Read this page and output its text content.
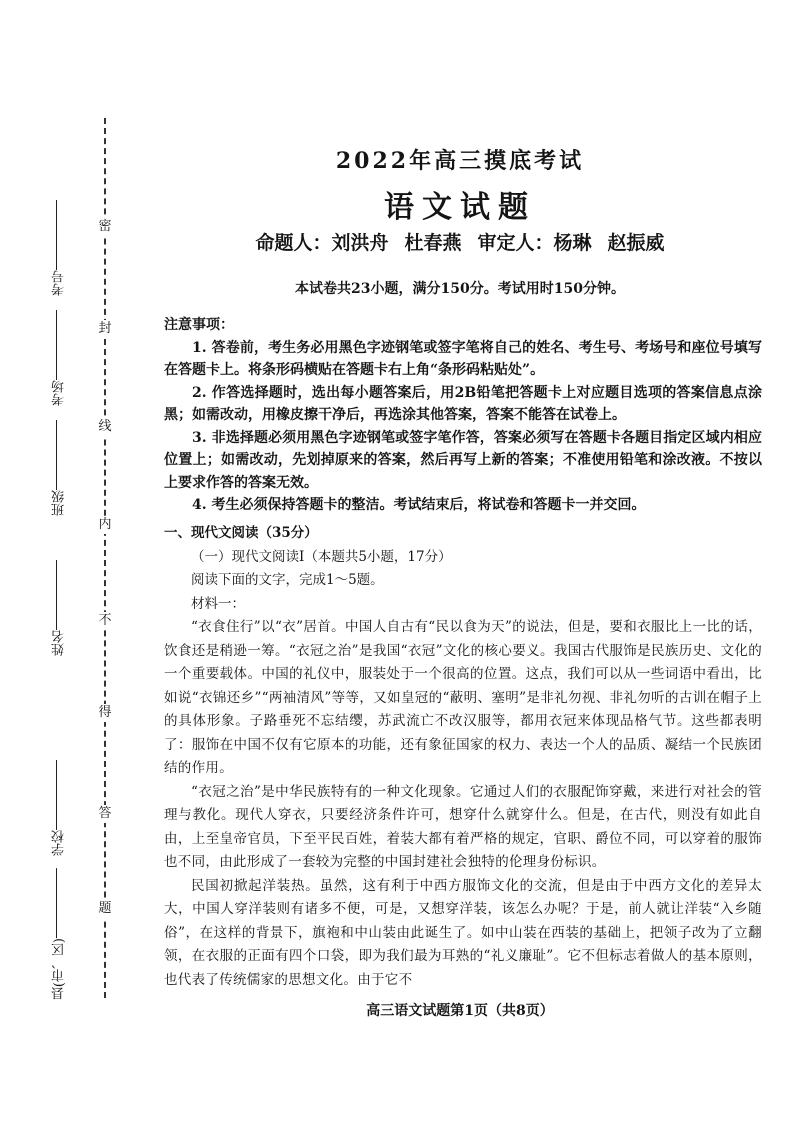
考号
考场
班级
姓名
学校
县(市、区)
密
封
线
内
不
得
答
题
2022年高三摸底考试
语文试题
命题人：刘洪舟 杜春燕 审定人：杨琳 赵振威
本试卷共23小题，满分150分。考试用时150分钟。

注意事项：

1. 答卷前，考生务必用黑色字迹钢笔或签字笔将自己的姓名、考生号、考场号和座位号填写在答题卡上。将条形码横贴在答题卡右上角“条形码粘贴处”。

2. 作答选择题时，选出每小题答案后，用2B铅笔把答题卡上对应题目选项的答案信息点涂黑；如需改动，用橡皮擦干净后，再选涂其他答案，答案不能答在试卷上。

3. 非选择题必须用黑色字迹钢笔或签字笔作答，答案必须写在答题卡各题目指定区域内相应位置上；如需改动，先划掉原来的答案，然后再写上新的答案；不准使用铅笔和涂改液。不按以上要求作答的答案无效。

4. 考生必须保持答题卡的整洁。考试结束后，将试卷和答题卡一并交回。

一、现代文阅读（35分）

（一）现代文阅读Ⅰ（本题共5小题，17分）

阅读下面的文字，完成1～5题。

材料一：

“衣食住行”以“衣”居首。中国人自古有“民以食为天”的说法，但是，要和衣服比上一比的话，饮食还是稍逊一筹。“衣冠之治”是我国“衣冠”文化的核心要义。我国古代服饰是民族历史、文化的一个重要载体。中国的礼仪中，服装处于一个很高的位置。这点，我们可以从一些词语中看出，比如说“衣锦还乡”“两袖清风”等等，又如皇冠的“蔽明、塞明”是非礼勿视、非礼勿听的古训在帽子上的具体形象。子路垂死不忘结缨，苏武流亡不改汉服等，都用衣冠来体现品格气节。这些都表明了：服饰在中国不仅有它原本的功能，还有象征国家的权力、表达一个人的品质、凝结一个民族团结的作用。

“衣冠之治”是中华民族特有的一种文化现象。它通过人们的衣服配饰穿戴，来进行对社会的管理与教化。现代人穿衣，只要经济条件许可，想穿什么就穿什么。但是，在古代，则没有如此自由，上至皇帝官员，下至平民百姓，着装大都有着严格的规定，官职、爵位不同，可以穿着的服饰也不同，由此形成了一套较为完整的中国封建社会独特的伦理身份标识。

民国初掀起洋装热。虽然，这有利于中西方服饰文化的交流，但是由于中西方文化的差异太大，中国人穿洋装则有诸多不便，可是，又想穿洋装，该怎么办呢？于是，前人就让洋装“入乡随俗”，在这样的背景下，旗袍和中山装由此诞生了。如中山装在西装的基础上，把领子改为了立翻领，在衣服的正面有四个口袋，即为我们最为耳熟的“礼义廉耻”。它不但标志着做人的基本原则，也代表了传统儒家的思想文化。由于它不

高三语文试题第1页（共8页）
